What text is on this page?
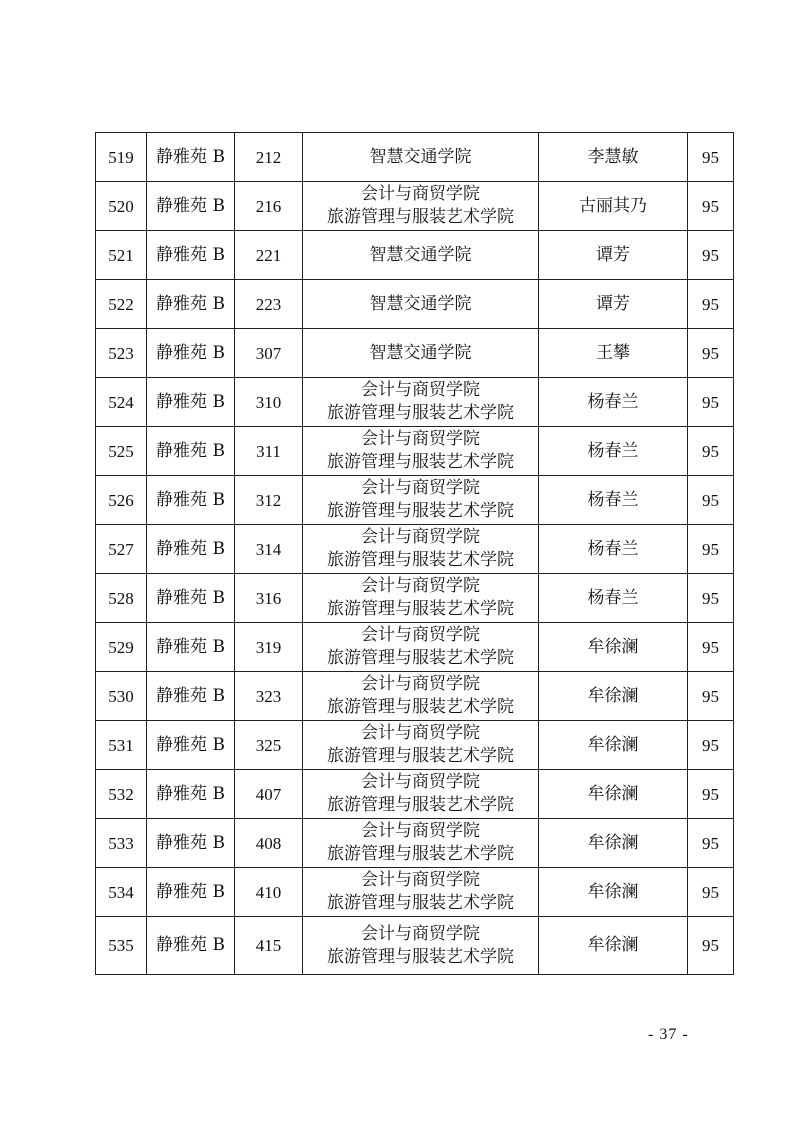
519	静雅苑 B	212	智慧交通学院	李慧敏	95
520	静雅苑 B	216	会计与商贸学院
旅游管理与服装艺术学院	古丽其乃	95
521	静雅苑 B	221	智慧交通学院	谭芳	95
522	静雅苑 B	223	智慧交通学院	谭芳	95
523	静雅苑 B	307	智慧交通学院	王攀	95
524	静雅苑 B	310	会计与商贸学院
旅游管理与服装艺术学院	杨春兰	95
525	静雅苑 B	311	会计与商贸学院
旅游管理与服装艺术学院	杨春兰	95
526	静雅苑 B	312	会计与商贸学院
旅游管理与服装艺术学院	杨春兰	95
527	静雅苑 B	314	会计与商贸学院
旅游管理与服装艺术学院	杨春兰	95
528	静雅苑 B	316	会计与商贸学院
旅游管理与服装艺术学院	杨春兰	95
529	静雅苑 B	319	会计与商贸学院
旅游管理与服装艺术学院	牟徐澜	95
530	静雅苑 B	323	会计与商贸学院
旅游管理与服装艺术学院	牟徐澜	95
531	静雅苑 B	325	会计与商贸学院
旅游管理与服装艺术学院	牟徐澜	95
532	静雅苑 B	407	会计与商贸学院
旅游管理与服装艺术学院	牟徐澜	95
533	静雅苑 B	408	会计与商贸学院
旅游管理与服装艺术学院	牟徐澜	95
534	静雅苑 B	410	会计与商贸学院
旅游管理与服装艺术学院	牟徐澜	95
535	静雅苑 B	415	会计与商贸学院
旅游管理与服装艺术学院	牟徐澜	95
- 37 -
